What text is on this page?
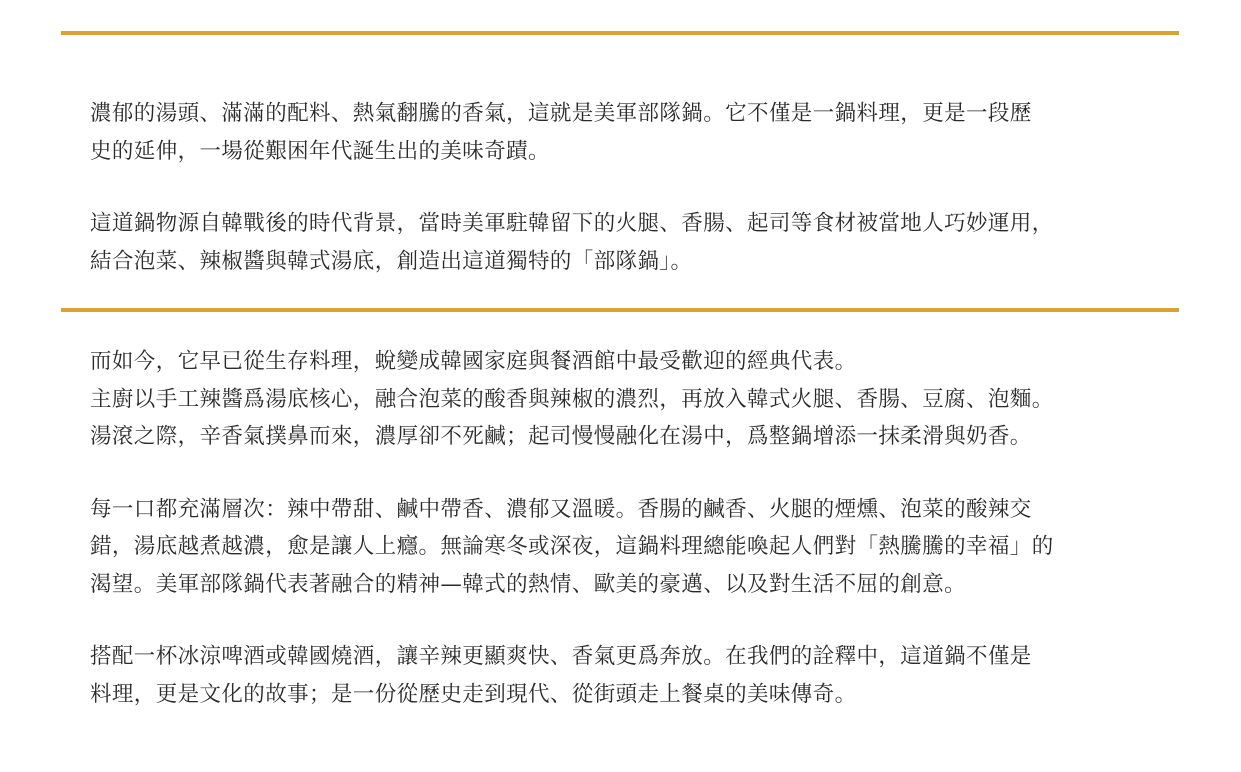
濃郁的湯頭、滿滿的配料、熱氣翻騰的香氣，這就是美軍部隊鍋。它不僅是一鍋料理，更是一段歷
史的延伸，一場從艱困年代誕生出的美味奇蹟。

這道鍋物源自韓戰後的時代背景，當時美軍駐韓留下的火腿、香腸、起司等食材被當地人巧妙運用，
結合泡菜、辣椒醬與韓式湯底，創造出這道獨特的「部隊鍋」。

而如今，它早已從生存料理，蛻變成韓國家庭與餐酒館中最受歡迎的經典代表。
主廚以手工辣醬爲湯底核心，融合泡菜的酸香與辣椒的濃烈，再放入韓式火腿、香腸、豆腐、泡麵。
湯滾之際，辛香氣撲鼻而來，濃厚卻不死鹹；起司慢慢融化在湯中，爲整鍋增添一抹柔滑與奶香。

每一口都充滿層次：辣中帶甜、鹹中帶香、濃郁又溫暖。香腸的鹹香、火腿的煙燻、泡菜的酸辣交
錯，湯底越煮越濃，愈是讓人上癮。無論寒冬或深夜，這鍋料理總能喚起人們對「熱騰騰的幸福」的
渴望。美軍部隊鍋代表著融合的精神—韓式的熱情、歐美的豪邁、以及對生活不屈的創意。

搭配一杯冰涼啤酒或韓國燒酒，讓辛辣更顯爽快、香氣更爲奔放。在我們的詮釋中，這道鍋不僅是
料理，更是文化的故事；是一份從歷史走到現代、從街頭走上餐桌的美味傳奇。
